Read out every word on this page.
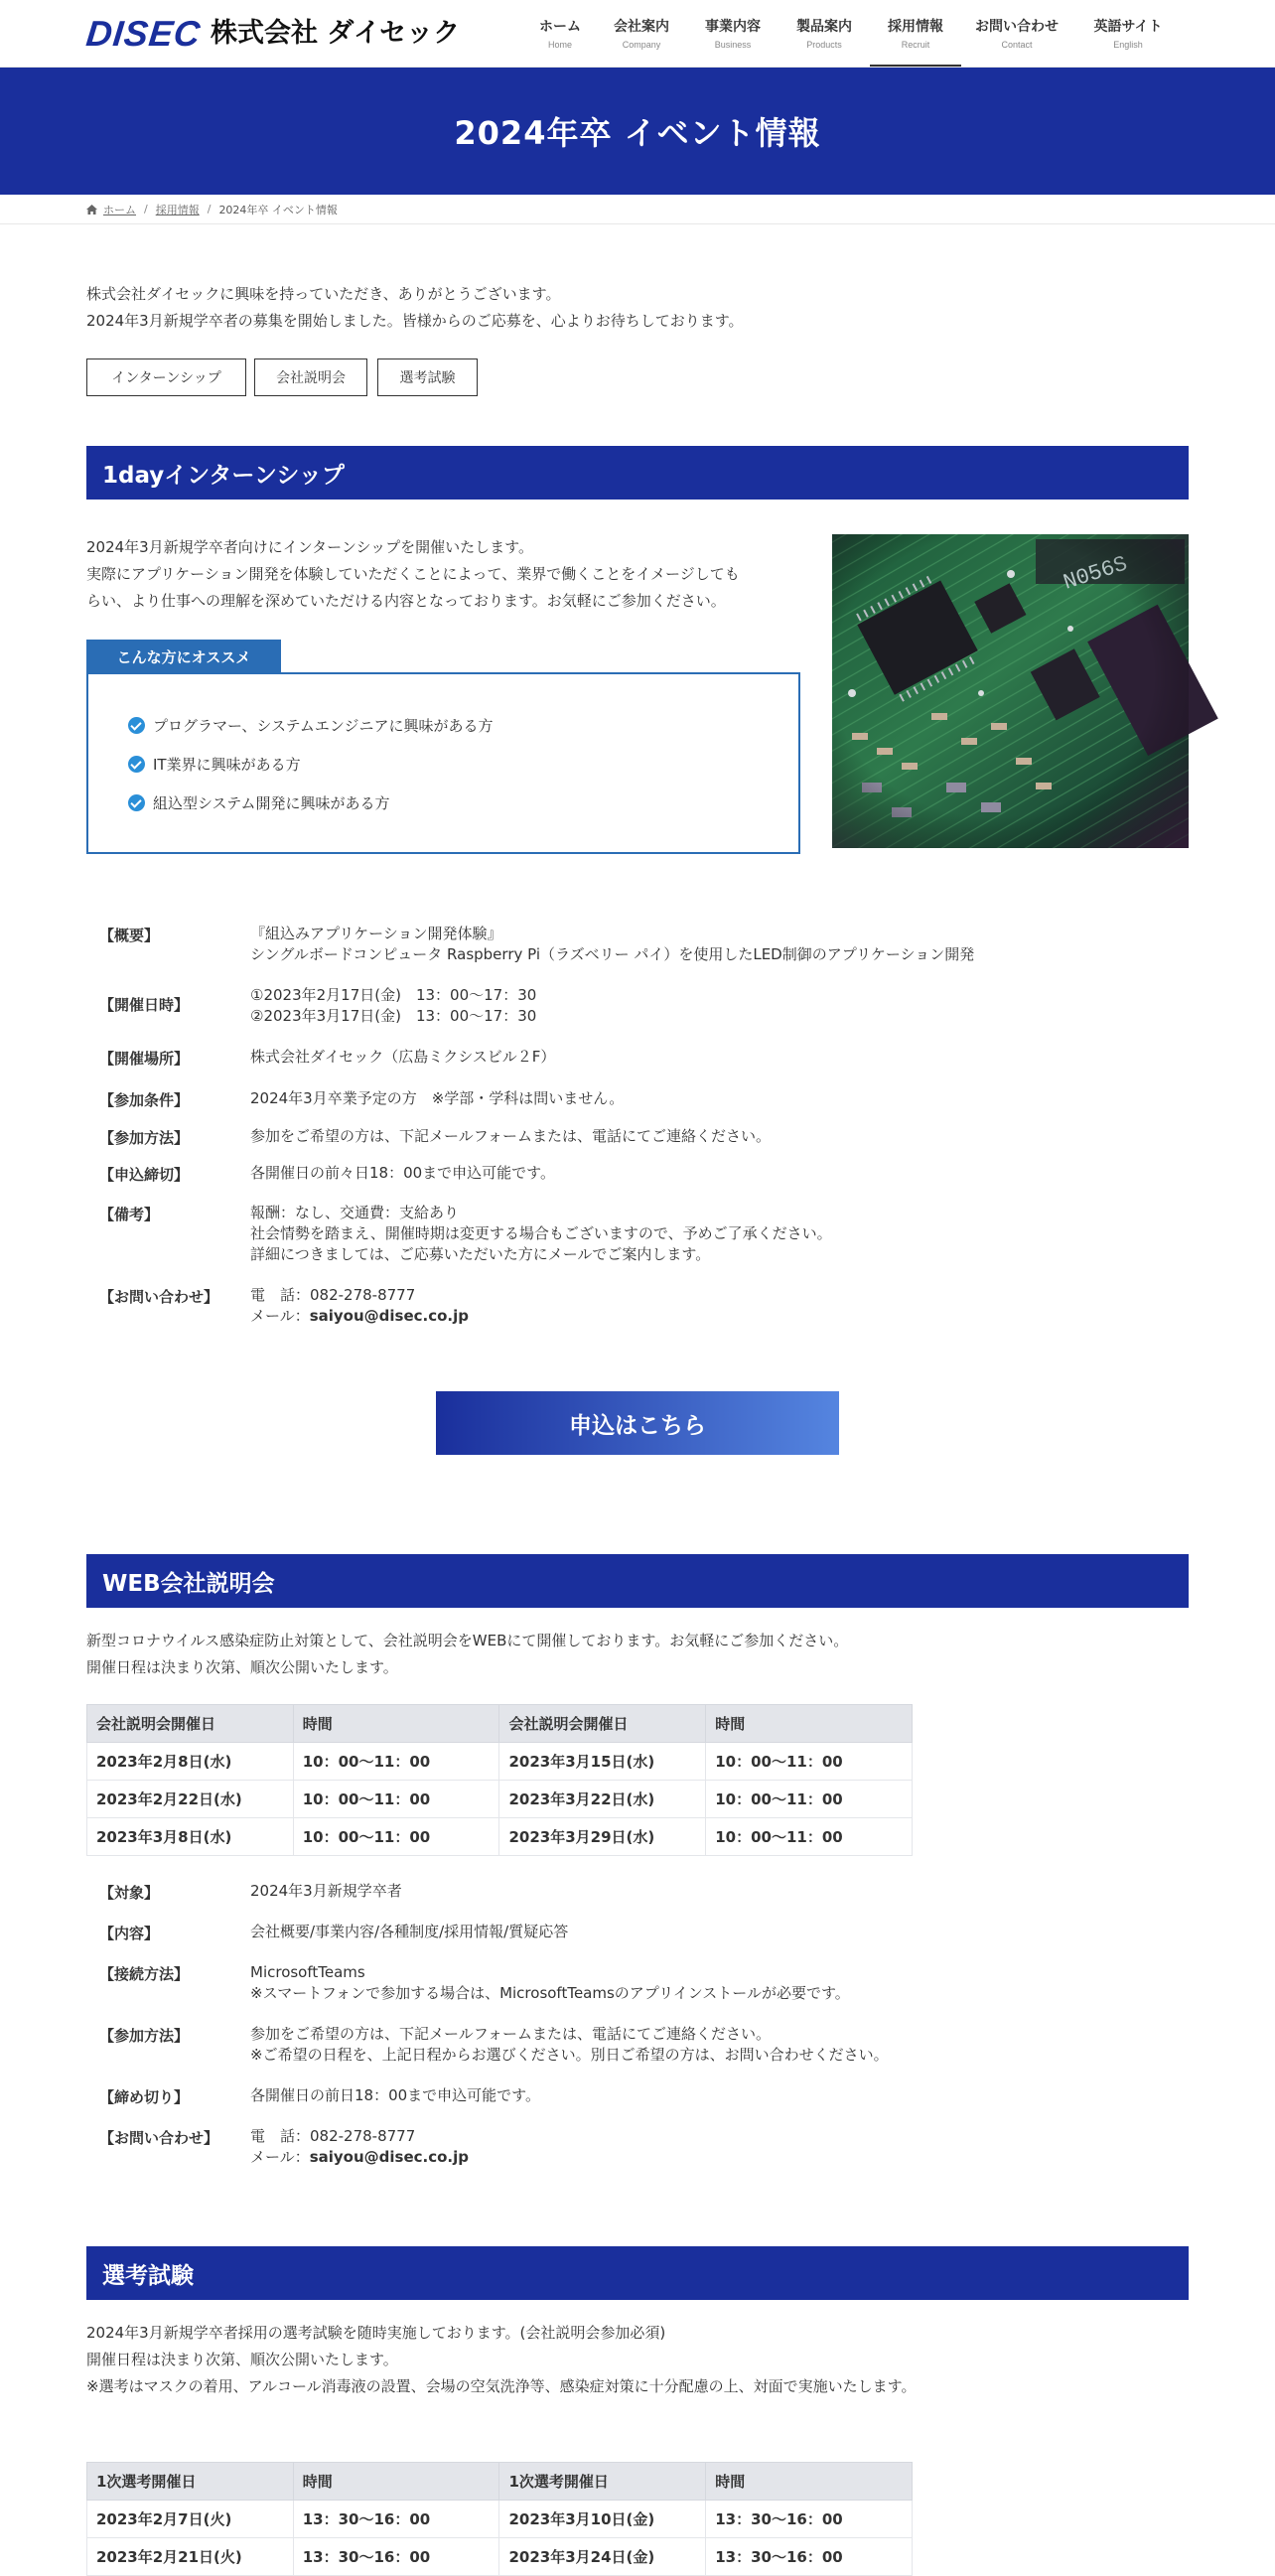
DISEC 株式会社 ダイセック	ホーム
Home
会社案内
Company
事業内容
Business
製品案内
Products
採用情報
Recruit
お問い合わせ
Contact
英語サイト
English
2024年卒 イベント情報
ホーム / 採用情報 / 2024年卒 イベント情報
株式会社ダイセックに興味を持っていただき、ありがとうございます。
2024年3月新規学卒者の募集を開始しました。皆様からのご応募を、心よりお待ちしております。
インターンシップ	会社説明会	選考試験
1dayインターンシップ
2024年3月新規学卒者向けにインターンシップを開催いたします。
実際にアプリケーション開発を体験していただくことによって、業界で働くことをイメージしても
らい、より仕事への理解を深めていただける内容となっております。お気軽にご参加ください。
プログラマー、システムエンジニアに興味がある方
IT業界に興味がある方
組込型システム開発に興味がある方
こんな方にオススメ
【概要】	『組込みアプリケーション開発体験』
シングルボードコンピュータ Raspberry Pi（ラズベリー パイ）を使用したLED制御のアプリケーション開発
【開催日時】
①2023年2月17日(金)　13：00～17：30
②2023年3月17日(金)　13：00～17：30
【開催場所】	株式会社ダイセック（広島ミクシスビル２F）
【参加条件】	2024年3月卒業予定の方　※学部・学科は問いません。
【参加方法】	参加をご希望の方は、下記メールフォームまたは、電話にてご連絡ください。
【申込締切】	各開催日の前々日18：00まで申込可能です。
【備考】	報酬：なし、交通費：支給あり
社会情勢を踏まえ、開催時期は変更する場合もございますので、予めご了承ください。
詳細につきましては、ご応募いただいた方にメールでご案内します。
【お問い合わせ】 電　話：082-278-8777
メール：saiyou@disec.co.jp
申込はこちら
WEB会社説明会
新型コロナウイルス感染症防止対策として、会社説明会をWEBにて開催しております。お気軽にご参加ください。
開催日程は決まり次第、順次公開いたします。
会社説明会開催日	時間	会社説明会開催日	時間
2023年2月8日(水)	10：00～11：00	2023年3月15日(水)	10：00～11：00
2023年2月22日(水)	10：00～11：00	2023年3月22日(水)	10：00～11：00
2023年3月8日(水)	10：00～11：00	2023年3月29日(水)	10：00～11：00
【対象】	2024年3月新規学卒者
【内容】	会社概要/事業内容/各種制度/採用情報/質疑応答
【接続方法】	MicrosoftTeams
※スマートフォンで参加する場合は、MicrosoftTeamsのアプリインストールが必要です。
【参加方法】	参加をご希望の方は、下記メールフォームまたは、電話にてご連絡ください。
※ご希望の日程を、上記日程からお選びください。別日ご希望の方は、お問い合わせください。
【締め切り】	各開催日の前日18：00まで申込可能です。
【お問い合わせ】 電　話：082-278-8777
メール：saiyou@disec.co.jp
選考試験
2024年3月新規学卒者採用の選考試験を随時実施しております。(会社説明会参加必須)
開催日程は決まり次第、順次公開いたします。
※選考はマスクの着用、アルコール消毒液の設置、会場の空気洗浄等、感染症対策に十分配慮の上、対面で実施いたします。
1次選考開催日	時間	1次選考開催日	時間
2023年2月7日(火)	13：30～16：00	2023年3月10日(金)	13：30～16：00
2023年2月21日(火)	13：30～16：00	2023年3月24日(金)	13：30～16：00
